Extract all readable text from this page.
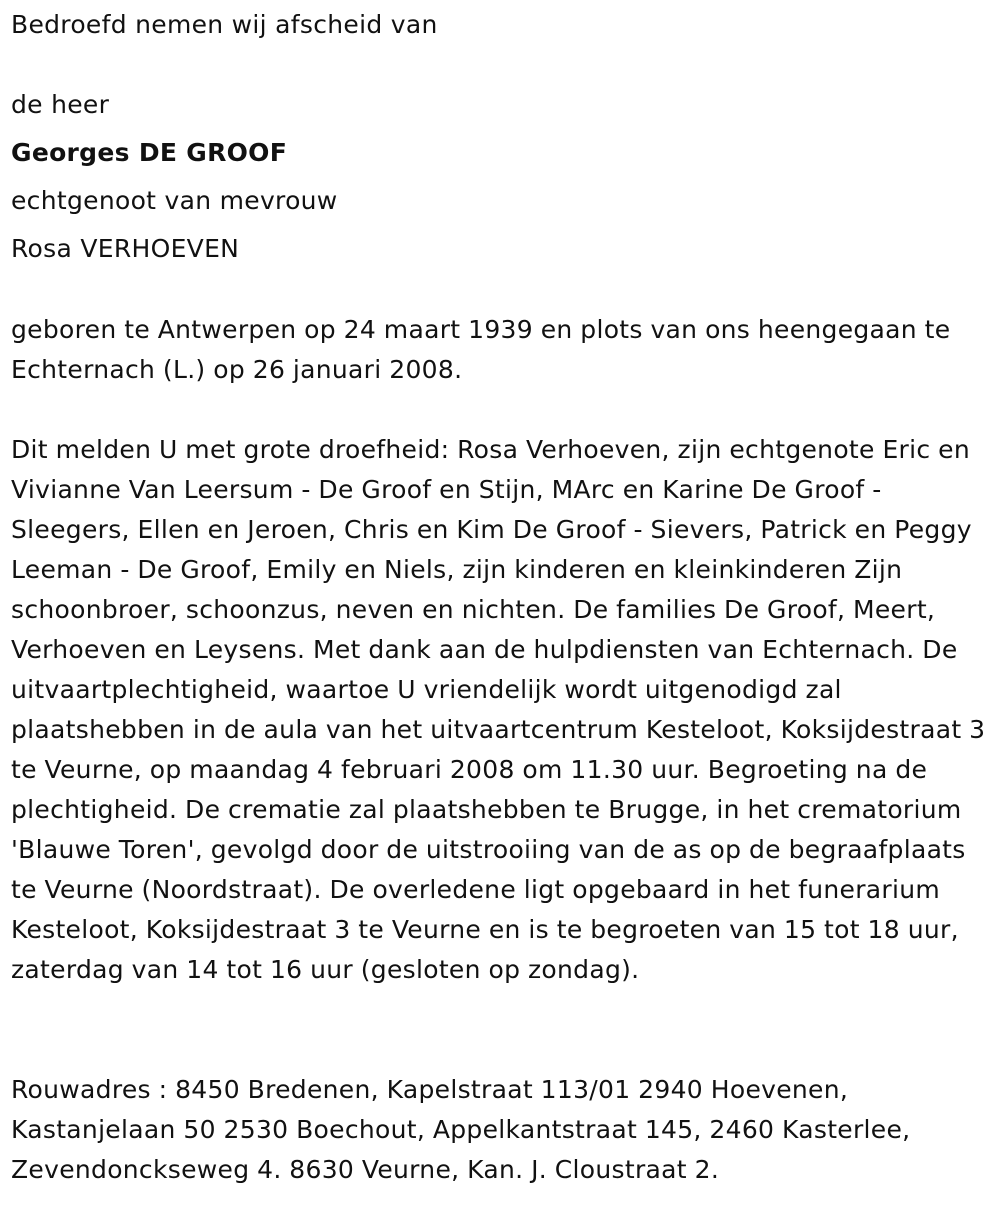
Bedroefd nemen wij afscheid van

de heer

Georges DE GROOF

echtgenoot van mevrouw

Rosa VERHOEVEN

geboren te Antwerpen op 24 maart 1939 en plots van ons heengegaan te Echternach (L.) op 26 januari 2008.

Dit melden U met grote droefheid: Rosa Verhoeven, zijn echtgenote Eric en Vivianne Van Leersum - De Groof en Stijn, MArc en Karine De Groof - Sleegers, Ellen en Jeroen, Chris en Kim De Groof - Sievers, Patrick en Peggy Leeman - De Groof, Emily en Niels, zijn kinderen en kleinkinderen Zijn schoonbroer, schoonzus, neven en nichten. De families De Groof, Meert, Verhoeven en Leysens. Met dank aan de hulpdiensten van Echternach. De uitvaartplechtigheid, waartoe U vriendelijk wordt uitgenodigd zal plaatshebben in de aula van het uitvaartcentrum Kesteloot, Koksijdestraat 3 te Veurne, op maandag 4 februari 2008 om 11.30 uur. Begroeting na de plechtigheid. De crematie zal plaatshebben te Brugge, in het crematorium 'Blauwe Toren', gevolgd door de uitstrooiing van de as op de begraafplaats te Veurne (Noordstraat). De overledene ligt opgebaard in het funerarium Kesteloot, Koksijdestraat 3 te Veurne en is te begroeten van 15 tot 18 uur, zaterdag van 14 tot 16 uur (gesloten op zondag).

Rouwadres : 8450 Bredenen, Kapelstraat 113/01 2940 Hoevenen, Kastanjelaan 50 2530 Boechout, Appelkantstraat 145, 2460 Kasterlee, Zevendonckseweg 4. 8630 Veurne, Kan. J. Cloustraat 2.
